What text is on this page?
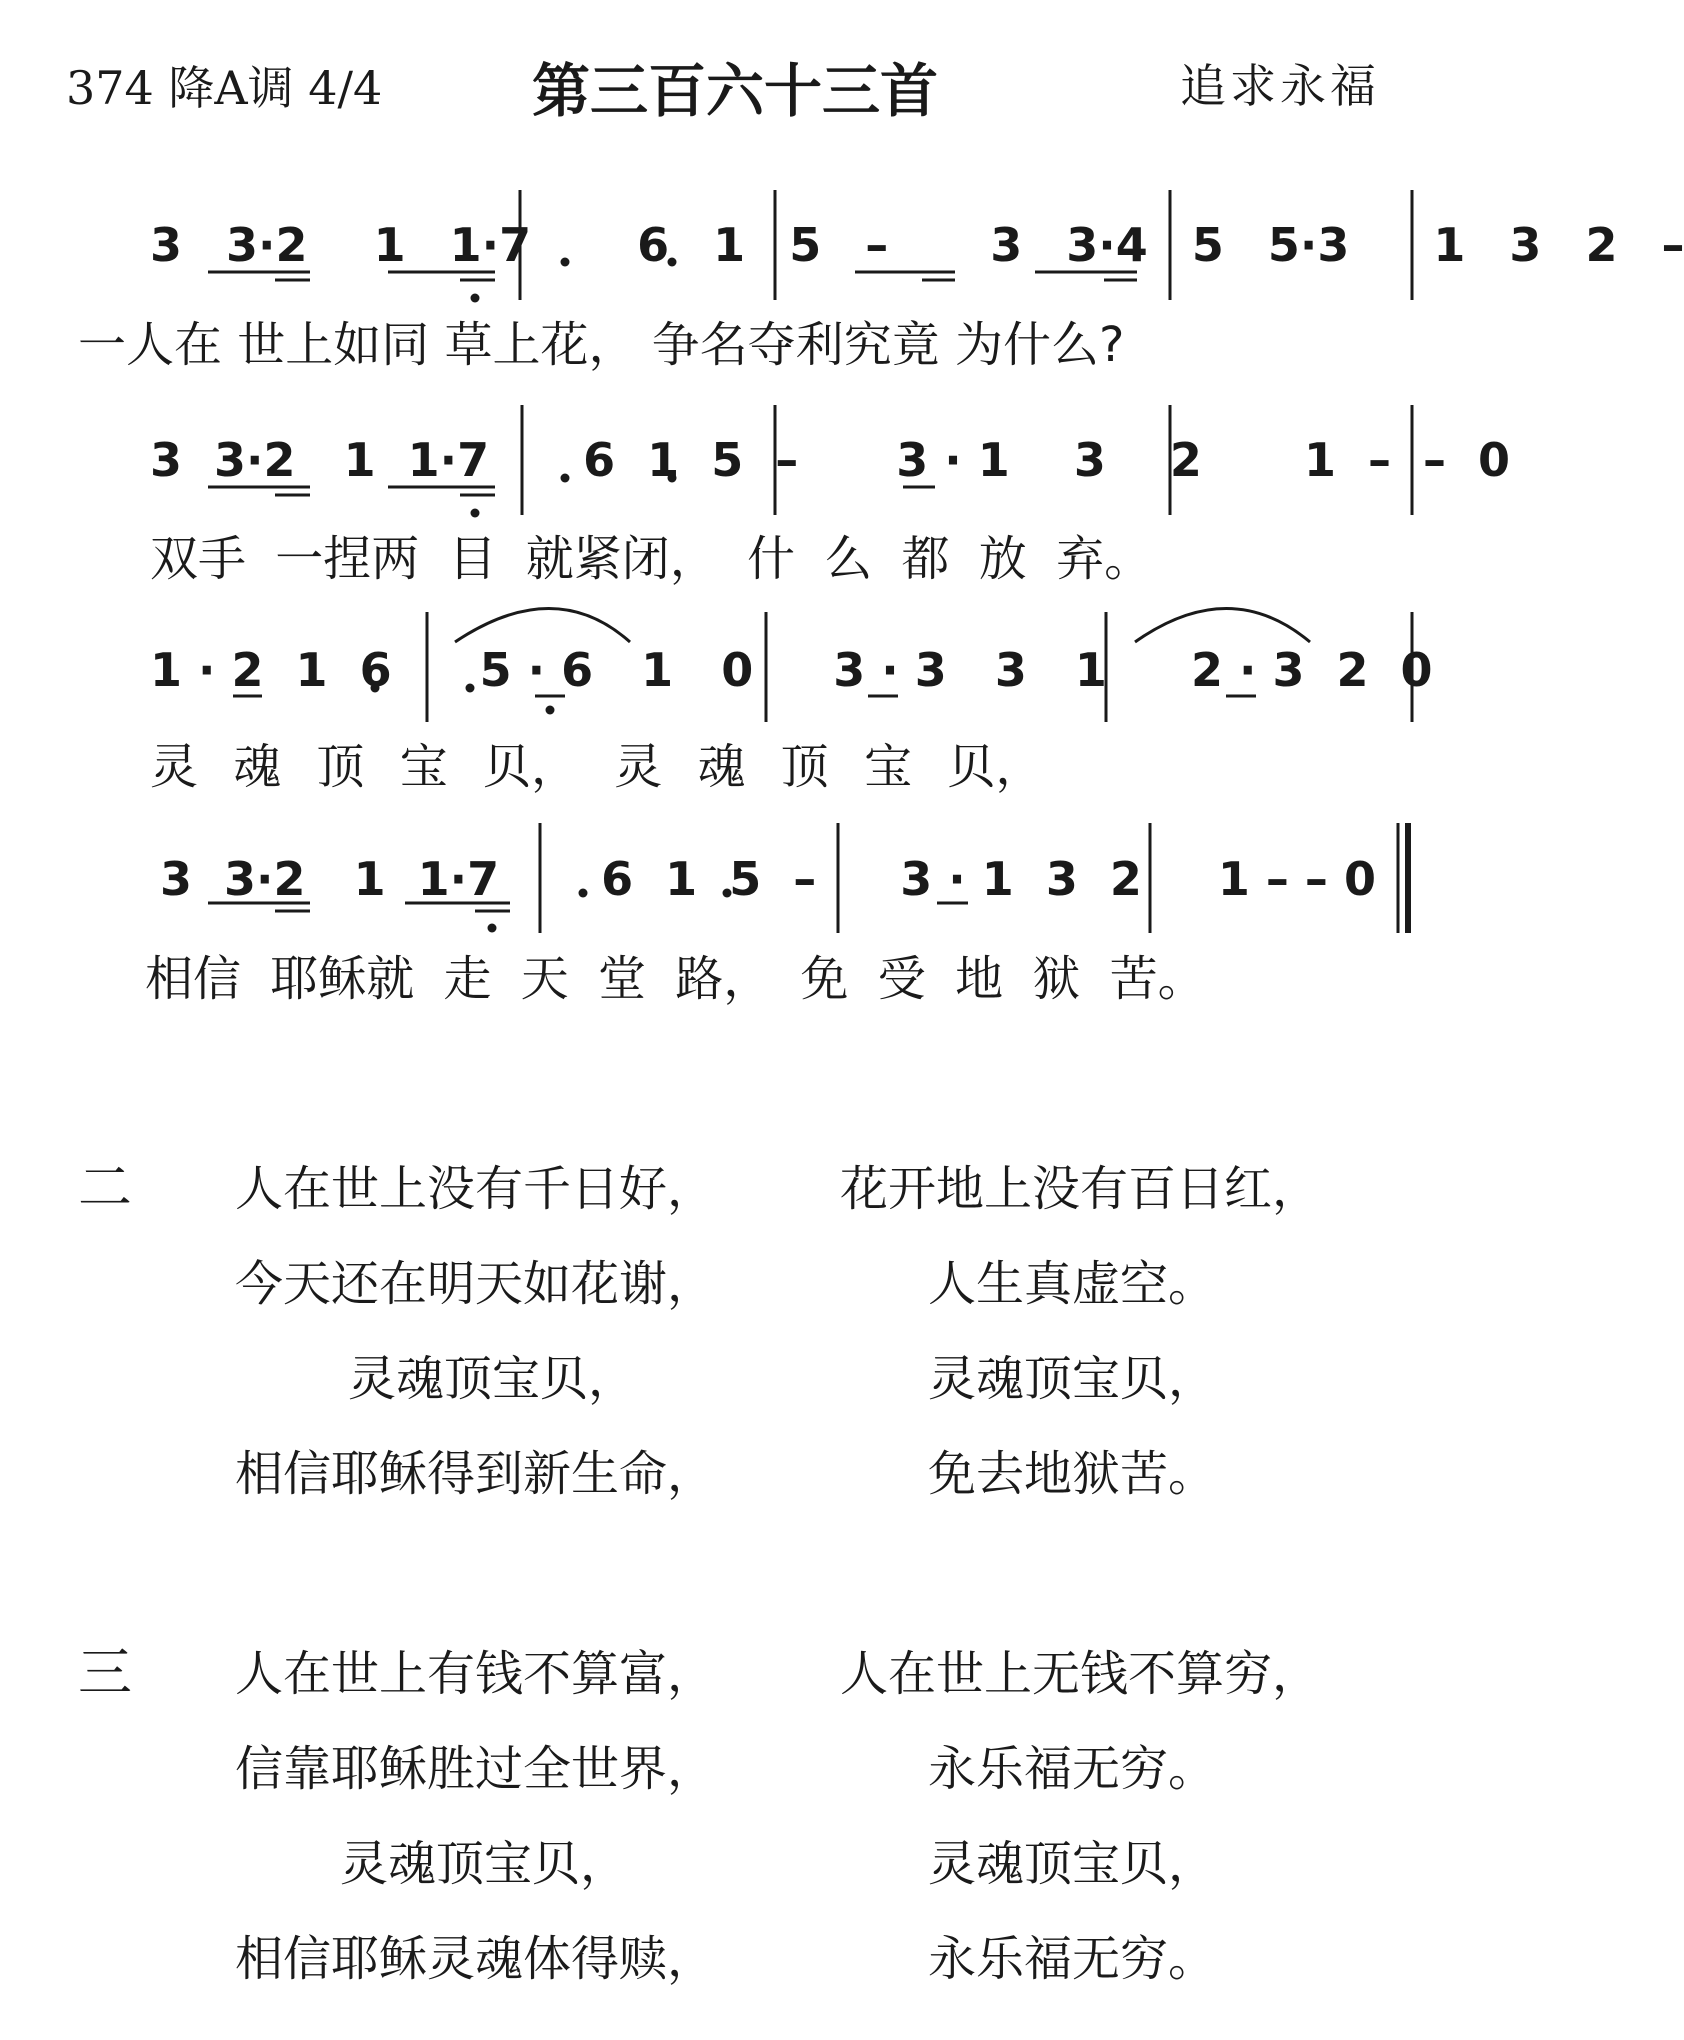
374 降A调 4/4	第三百六十三首	追求永福
3  3·2   1  1·7 6  1  5  – 3  3·4  5  5·3 1  3  2  –
一人在 世上如同 草上花， 争名夺利究竟 为什么?
3  3·2   1  1·7 6  1  5  – 3 · 1    3    2 1  –  –  0
双手 一捏两 目 就紧闭， 什 么 都 放 弃。
1 · 2  1  6 5 · 6   1   0 3 · 3   3   1 2 · 3  2  0
灵 魂 顶 宝 贝， 灵 魂 顶 宝 贝，
3  3·2   1  1·7 6  1  5  – 3 · 1  3  2 1 – – 0
相信 耶稣就 走 天 堂 路， 免 受 地 狱 苦。
二 人在世上没有千日好，	花开地上没有百日红，
今天还在明天如花谢，	人生真虚空。
灵魂顶宝贝，	灵魂顶宝贝，
相信耶稣得到新生命，	免去地狱苦。
三 人在世上有钱不算富，	人在世上无钱不算穷，
信靠耶稣胜过全世界，	永乐福无穷。
灵魂顶宝贝，	灵魂顶宝贝，
相信耶稣灵魂体得赎，	永乐福无穷。
